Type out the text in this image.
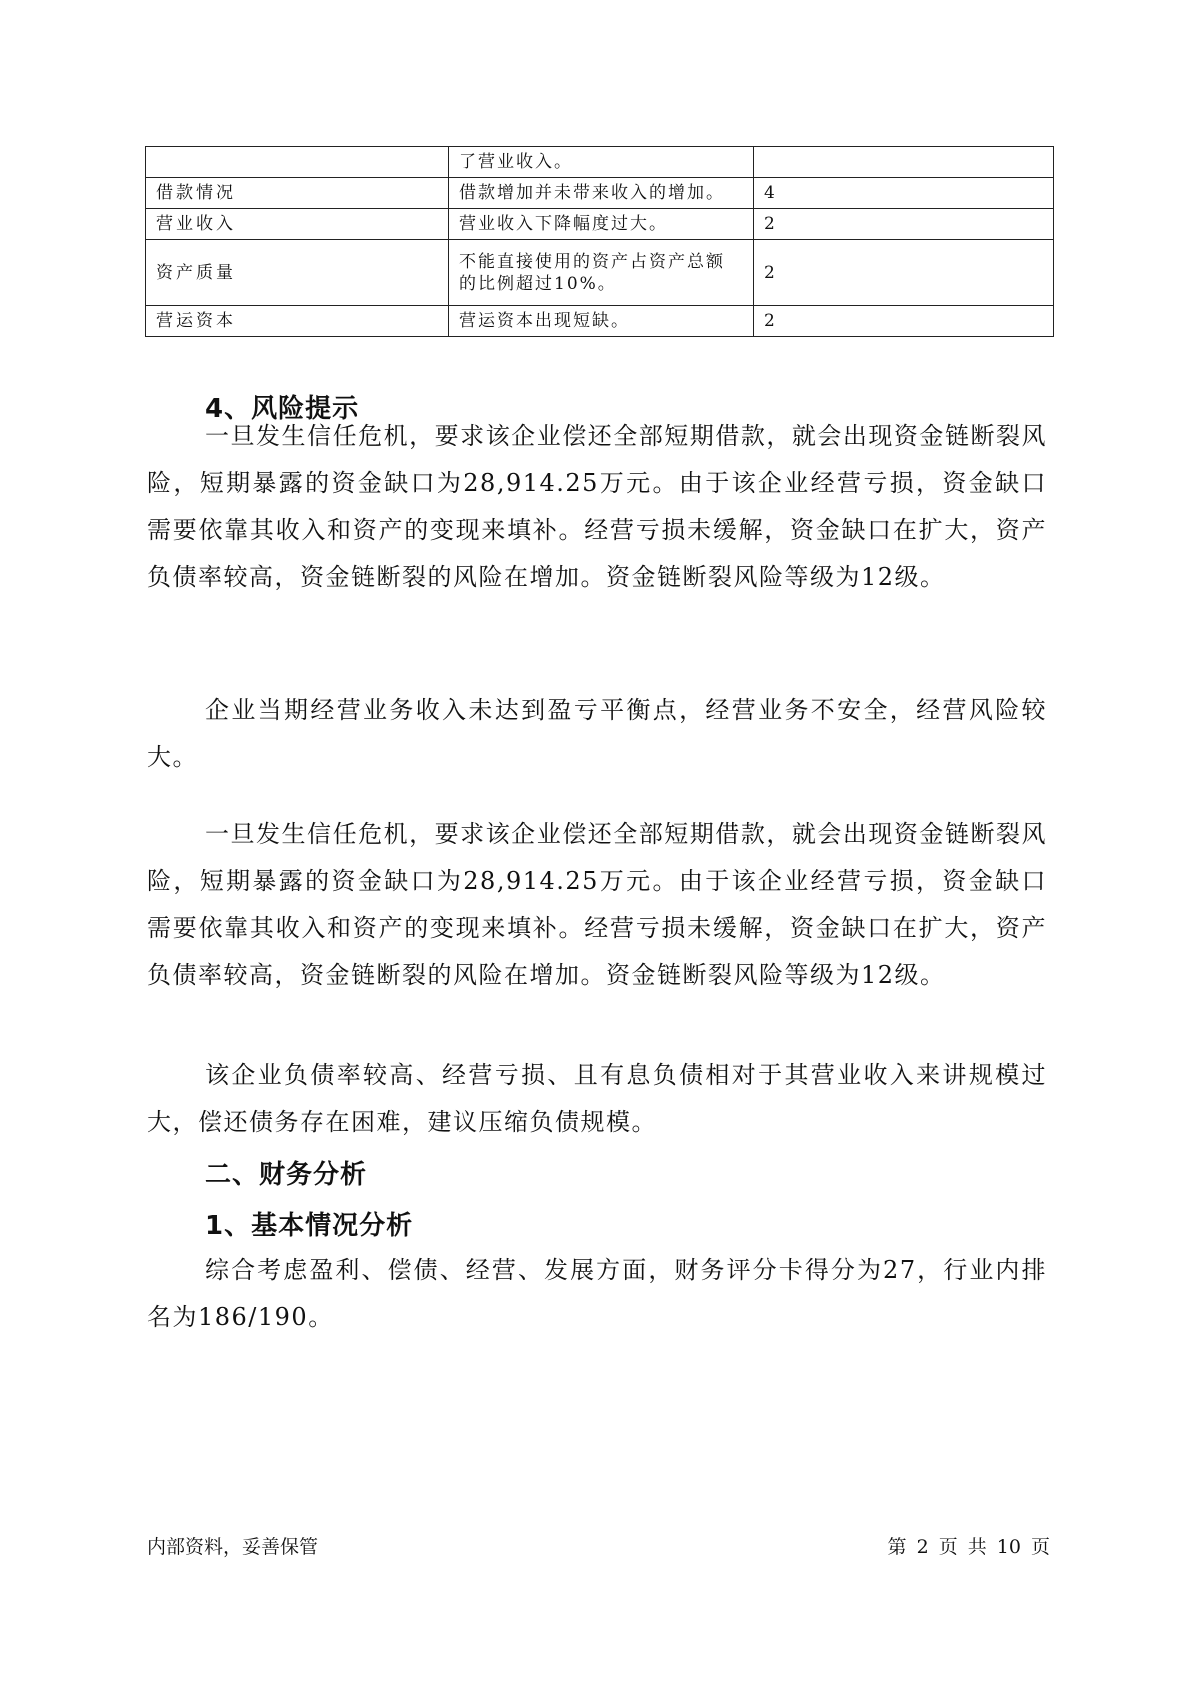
	了营业收入。	
借款情况	借款增加并未带来收入的增加。	4
营业收入	营业收入下降幅度过大。	2
资产质量	不能直接使用的资产占资产总额的比例超过10%。	2
营运资本	营运资本出现短缺。	2
4、风险提示

一旦发生信任危机，要求该企业偿还全部短期借款，就会出现资金链断裂风险，短期暴露的资金缺口为28,914.25万元。由于该企业经营亏损，资金缺口需要依靠其收入和资产的变现来填补。经营亏损未缓解，资金缺口在扩大，资产负债率较高，资金链断裂的风险在增加。资金链断裂风险等级为12级。

企业当期经营业务收入未达到盈亏平衡点，经营业务不安全，经营风险较大。

一旦发生信任危机，要求该企业偿还全部短期借款，就会出现资金链断裂风险，短期暴露的资金缺口为28,914.25万元。由于该企业经营亏损，资金缺口需要依靠其收入和资产的变现来填补。经营亏损未缓解，资金缺口在扩大，资产负债率较高，资金链断裂的风险在增加。资金链断裂风险等级为12级。

该企业负债率较高、经营亏损、且有息负债相对于其营业收入来讲规模过大，偿还债务存在困难，建议压缩负债规模。

二、财务分析
1、基本情况分析

综合考虑盈利、偿债、经营、发展方面，财务评分卡得分为27，行业内排名为186/190。

内部资料，妥善保管	第 2 页 共 10 页
